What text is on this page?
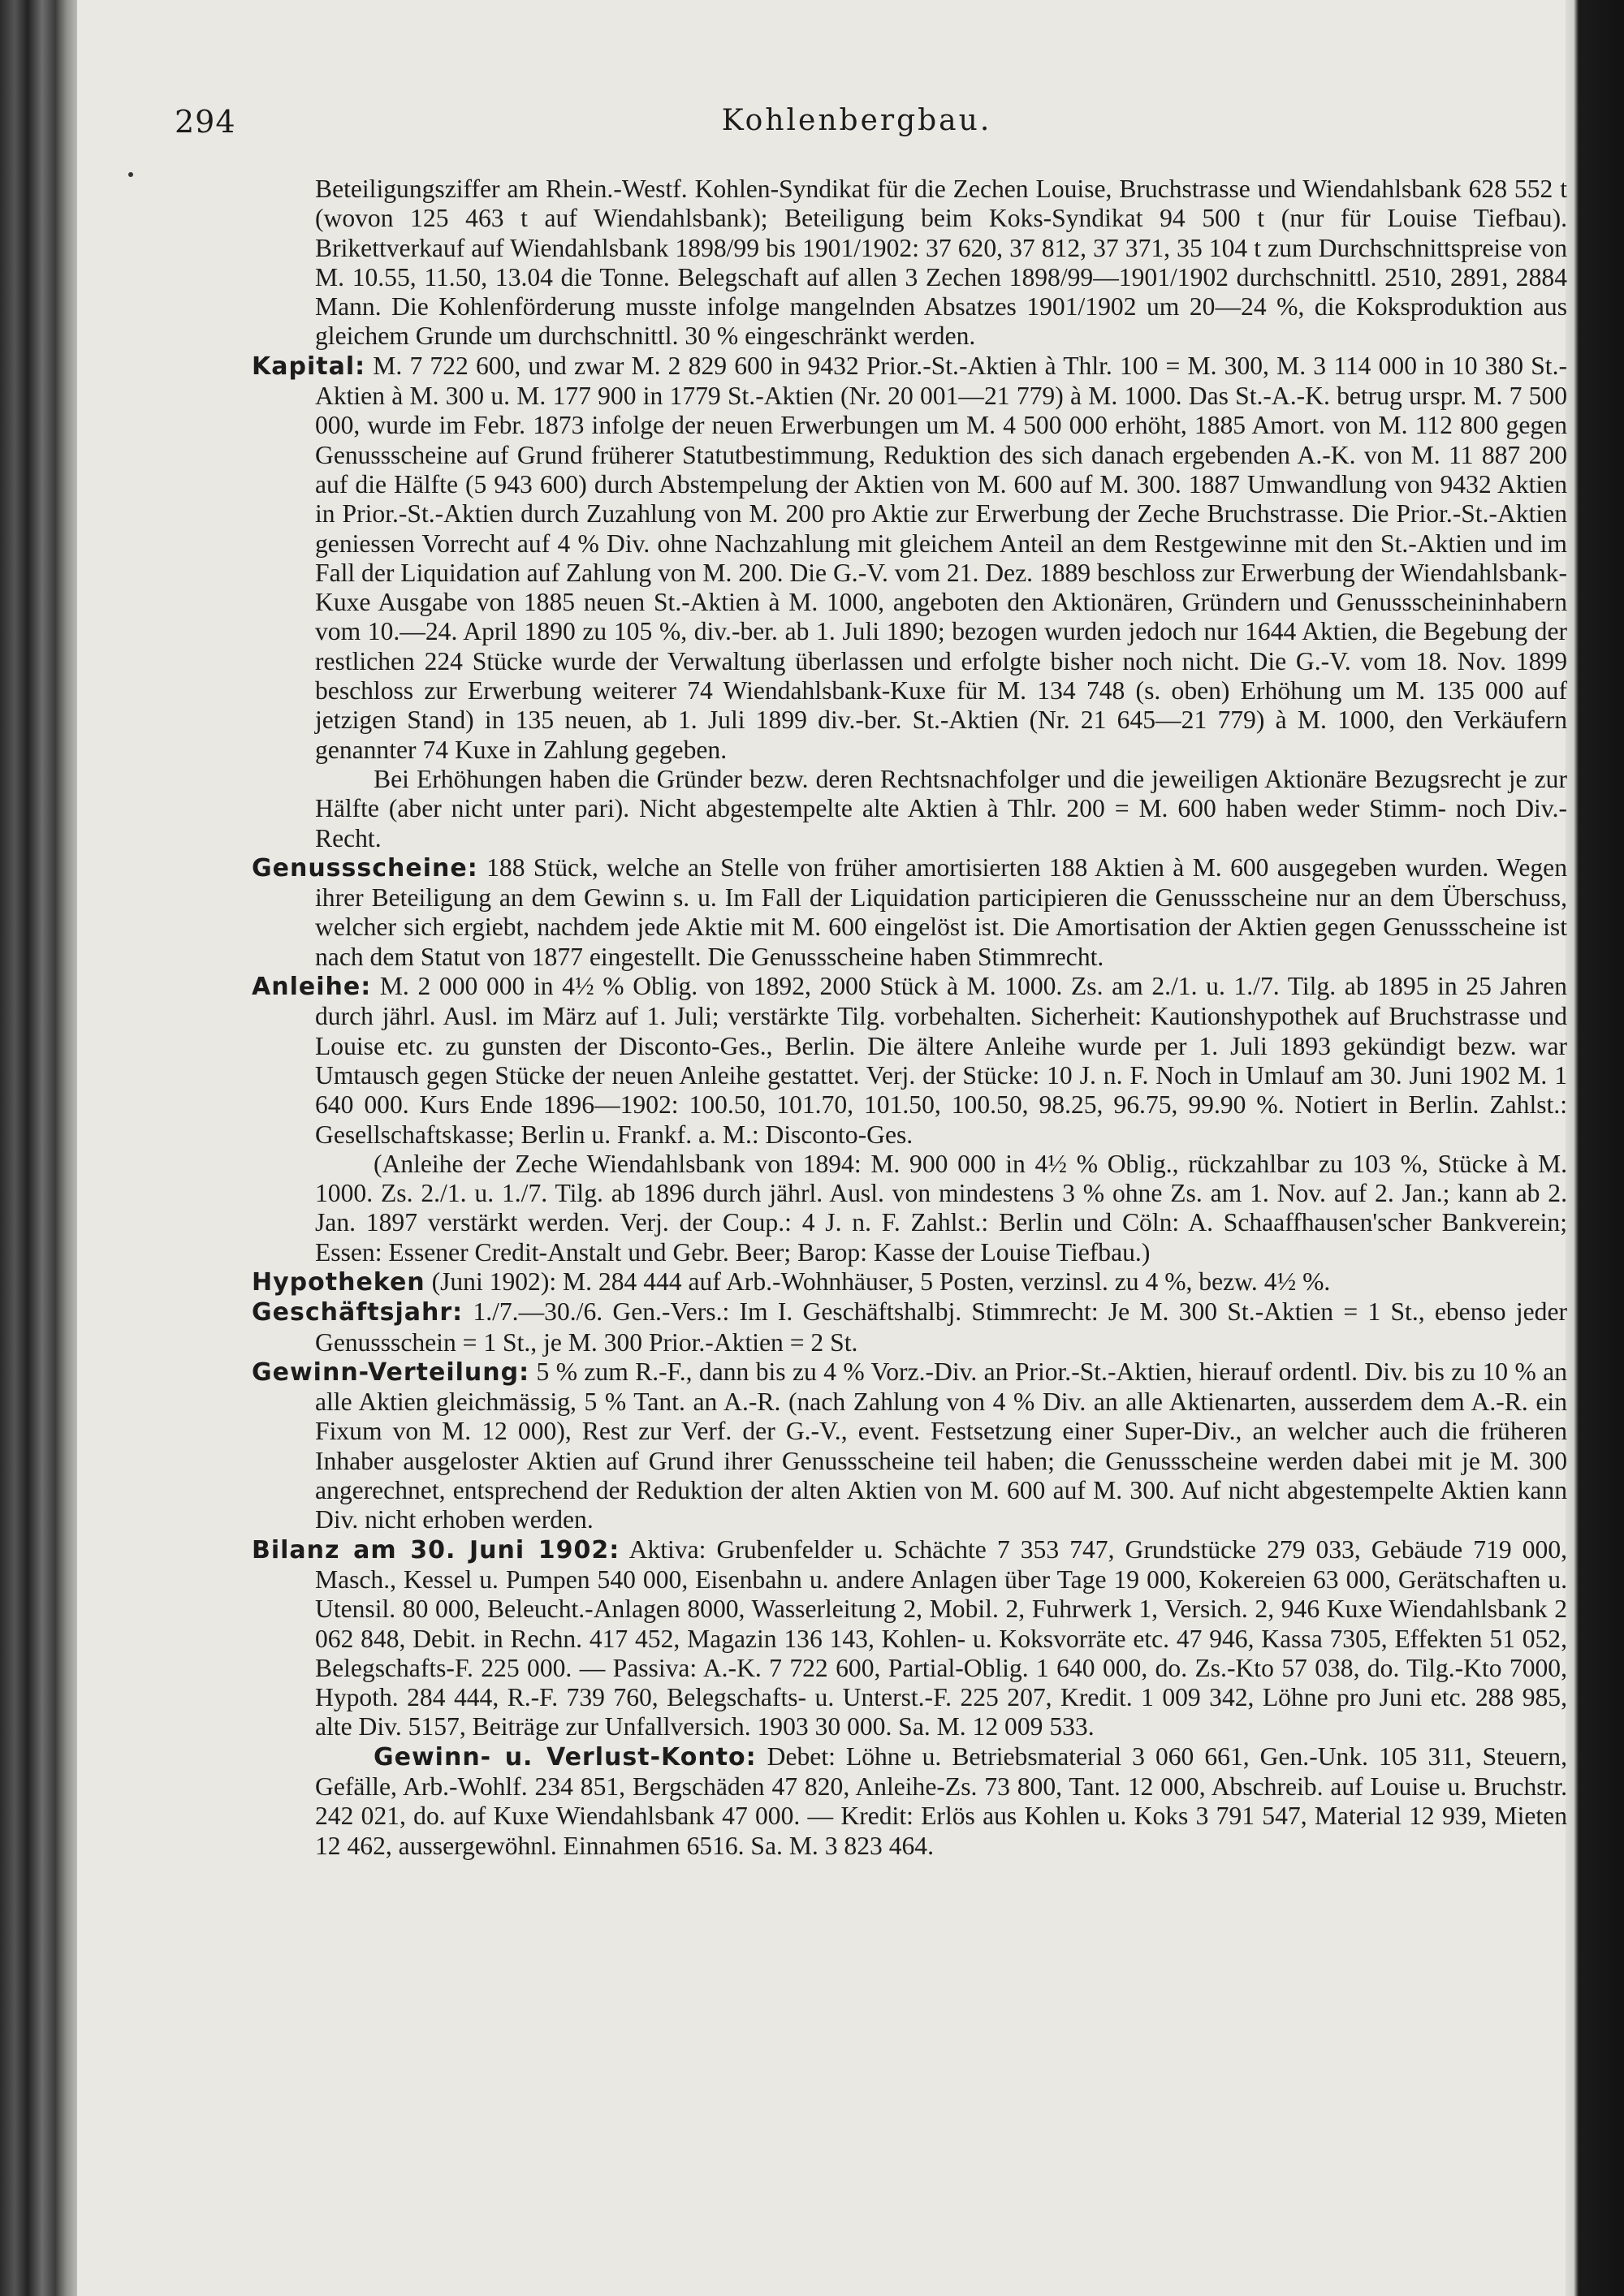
294	Kohlenbergbau.

Beteiligungsziffer am Rhein.-Westf. Kohlen-Syndikat für die Zechen Louise, Bruchstrasse und Wiendahlsbank 628 552 t (wovon 125 463 t auf Wiendahlsbank); Beteiligung beim Koks-Syndikat 94 500 t (nur für Louise Tiefbau). Brikettverkauf auf Wiendahlsbank 1898/99 bis 1901/1902: 37 620, 37 812, 37 371, 35 104 t zum Durchschnittspreise von M. 10.55, 11.50, 13.04 die Tonne. Belegschaft auf allen 3 Zechen 1898/99—1901/1902 durchschnittl. 2510, 2891, 2884 Mann. Die Kohlenförderung musste infolge mangelnden Absatzes 1901/1902 um 20—24 %, die Koksproduktion aus gleichem Grunde um durchschnittl. 30 % eingeschränkt werden.

Kapital: M. 7 722 600, und zwar M. 2 829 600 in 9432 Prior.-St.-Aktien à Thlr. 100 = M. 300, M. 3 114 000 in 10 380 St.-Aktien à M. 300 u. M. 177 900 in 1779 St.-Aktien (Nr. 20 001—21 779) à M. 1000. Das St.-A.-K. betrug urspr. M. 7 500 000, wurde im Febr. 1873 infolge der neuen Erwerbungen um M. 4 500 000 erhöht, 1885 Amort. von M. 112 800 gegen Genussscheine auf Grund früherer Statutbestimmung, Reduktion des sich danach ergebenden A.-K. von M. 11 887 200 auf die Hälfte (5 943 600) durch Abstempelung der Aktien von M. 600 auf M. 300. 1887 Umwandlung von 9432 Aktien in Prior.-St.-Aktien durch Zuzahlung von M. 200 pro Aktie zur Erwerbung der Zeche Bruchstrasse. Die Prior.-St.-Aktien geniessen Vorrecht auf 4 % Div. ohne Nachzahlung mit gleichem Anteil an dem Restgewinne mit den St.-Aktien und im Fall der Liquidation auf Zahlung von M. 200. Die G.-V. vom 21. Dez. 1889 beschloss zur Erwerbung der Wiendahlsbank-Kuxe Ausgabe von 1885 neuen St.-Aktien à M. 1000, angeboten den Aktionären, Gründern und Genussscheininhabern vom 10.—24. April 1890 zu 105 %, div.-ber. ab 1. Juli 1890; bezogen wurden jedoch nur 1644 Aktien, die Begebung der restlichen 224 Stücke wurde der Verwaltung überlassen und erfolgte bisher noch nicht. Die G.-V. vom 18. Nov. 1899 beschloss zur Erwerbung weiterer 74 Wiendahlsbank-Kuxe für M. 134 748 (s. oben) Erhöhung um M. 135 000 auf jetzigen Stand) in 135 neuen, ab 1. Juli 1899 div.-ber. St.-Aktien (Nr. 21 645—21 779) à M. 1000, den Verkäufern genannter 74 Kuxe in Zahlung gegeben.

Bei Erhöhungen haben die Gründer bezw. deren Rechtsnachfolger und die jeweiligen Aktionäre Bezugsrecht je zur Hälfte (aber nicht unter pari). Nicht abgestempelte alte Aktien à Thlr. 200 = M. 600 haben weder Stimm- noch Div.-Recht.

Genussscheine: 188 Stück, welche an Stelle von früher amortisierten 188 Aktien à M. 600 ausgegeben wurden. Wegen ihrer Beteiligung an dem Gewinn s. u. Im Fall der Liquidation participieren die Genussscheine nur an dem Überschuss, welcher sich ergiebt, nachdem jede Aktie mit M. 600 eingelöst ist. Die Amortisation der Aktien gegen Genussscheine ist nach dem Statut von 1877 eingestellt. Die Genussscheine haben Stimmrecht.

Anleihe: M. 2 000 000 in 4½ % Oblig. von 1892, 2000 Stück à M. 1000. Zs. am 2./1. u. 1./7. Tilg. ab 1895 in 25 Jahren durch jährl. Ausl. im März auf 1. Juli; verstärkte Tilg. vorbehalten. Sicherheit: Kautionshypothek auf Bruchstrasse und Louise etc. zu gunsten der Disconto-Ges., Berlin. Die ältere Anleihe wurde per 1. Juli 1893 gekündigt bezw. war Umtausch gegen Stücke der neuen Anleihe gestattet. Verj. der Stücke: 10 J. n. F. Noch in Umlauf am 30. Juni 1902 M. 1 640 000. Kurs Ende 1896—1902: 100.50, 101.70, 101.50, 100.50, 98.25, 96.75, 99.90 %. Notiert in Berlin. Zahlst.: Gesellschaftskasse; Berlin u. Frankf. a. M.: Disconto-Ges.

(Anleihe der Zeche Wiendahlsbank von 1894: M. 900 000 in 4½ % Oblig., rückzahlbar zu 103 %, Stücke à M. 1000. Zs. 2./1. u. 1./7. Tilg. ab 1896 durch jährl. Ausl. von mindestens 3 % ohne Zs. am 1. Nov. auf 2. Jan.; kann ab 2. Jan. 1897 verstärkt werden. Verj. der Coup.: 4 J. n. F. Zahlst.: Berlin und Cöln: A. Schaaffhausen'scher Bankverein; Essen: Essener Credit-Anstalt und Gebr. Beer; Barop: Kasse der Louise Tiefbau.)

Hypotheken (Juni 1902): M. 284 444 auf Arb.-Wohnhäuser, 5 Posten, verzinsl. zu 4 %, bezw. 4½ %.

Geschäftsjahr: 1./7.—30./6. Gen.-Vers.: Im I. Geschäftshalbj. Stimmrecht: Je M. 300 St.-Aktien = 1 St., ebenso jeder Genussschein = 1 St., je M. 300 Prior.-Aktien = 2 St.

Gewinn-Verteilung: 5 % zum R.-F., dann bis zu 4 % Vorz.-Div. an Prior.-St.-Aktien, hierauf ordentl. Div. bis zu 10 % an alle Aktien gleichmässig, 5 % Tant. an A.-R. (nach Zahlung von 4 % Div. an alle Aktienarten, ausserdem dem A.-R. ein Fixum von M. 12 000), Rest zur Verf. der G.-V., event. Festsetzung einer Super-Div., an welcher auch die früheren Inhaber ausgeloster Aktien auf Grund ihrer Genussscheine teil haben; die Genussscheine werden dabei mit je M. 300 angerechnet, entsprechend der Reduktion der alten Aktien von M. 600 auf M. 300. Auf nicht abgestempelte Aktien kann Div. nicht erhoben werden.

Bilanz am 30. Juni 1902: Aktiva: Grubenfelder u. Schächte 7 353 747, Grundstücke 279 033, Gebäude 719 000, Masch., Kessel u. Pumpen 540 000, Eisenbahn u. andere Anlagen über Tage 19 000, Kokereien 63 000, Gerätschaften u. Utensil. 80 000, Beleucht.-Anlagen 8000, Wasserleitung 2, Mobil. 2, Fuhrwerk 1, Versich. 2, 946 Kuxe Wiendahlsbank 2 062 848, Debit. in Rechn. 417 452, Magazin 136 143, Kohlen- u. Koksvorräte etc. 47 946, Kassa 7305, Effekten 51 052, Belegschafts-F. 225 000. — Passiva: A.-K. 7 722 600, Partial-Oblig. 1 640 000, do. Zs.-Kto 57 038, do. Tilg.-Kto 7000, Hypoth. 284 444, R.-F. 739 760, Belegschafts- u. Unterst.-F. 225 207, Kredit. 1 009 342, Löhne pro Juni etc. 288 985, alte Div. 5157, Beiträge zur Unfallversich. 1903 30 000. Sa. M. 12 009 533.

Gewinn- u. Verlust-Konto: Debet: Löhne u. Betriebsmaterial 3 060 661, Gen.-Unk. 105 311, Steuern, Gefälle, Arb.-Wohlf. 234 851, Bergschäden 47 820, Anleihe-Zs. 73 800, Tant. 12 000, Abschreib. auf Louise u. Bruchstr. 242 021, do. auf Kuxe Wiendahlsbank 47 000. — Kredit: Erlös aus Kohlen u. Koks 3 791 547, Material 12 939, Mieten 12 462, aussergewöhnl. Einnahmen 6516. Sa. M. 3 823 464.
